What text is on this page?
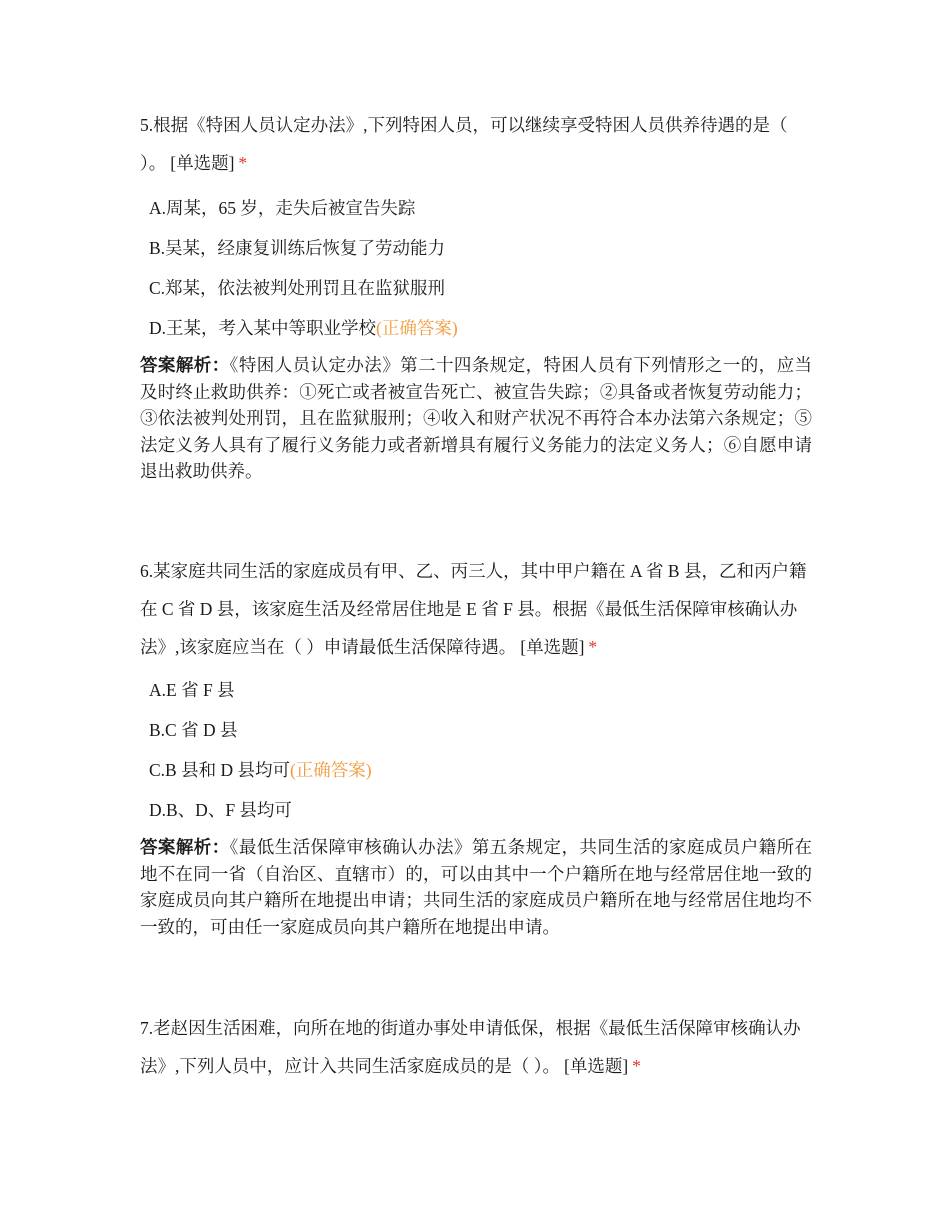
5.根据《特困人员认定办法》,下列特困人员，可以继续享受特困人员供养待遇的是（ ）。 [单选题] *

A.周某，65 岁，走失后被宣告失踪
B.吴某，经康复训练后恢复了劳动能力
C.郑某，依法被判处刑罚且在监狱服刑
D.王某，考入某中等职业学校(正确答案)

答案解析：《特困人员认定办法》第二十四条规定，特困人员有下列情形之一的，应当及时终止救助供养：①死亡或者被宣告死亡、被宣告失踪；②具备或者恢复劳动能力；③依法被判处刑罚，且在监狱服刑；④收入和财产状况不再符合本办法第六条规定；⑤法定义务人具有了履行义务能力或者新增具有履行义务能力的法定义务人；⑥自愿申请退出救助供养。

6.某家庭共同生活的家庭成员有甲、乙、丙三人，其中甲户籍在 A 省 B 县，乙和丙户籍在 C 省 D 县，该家庭生活及经常居住地是 E 省 F 县。根据《最低生活保障审核确认办法》,该家庭应当在（ ）申请最低生活保障待遇。 [单选题] *

A.E 省 F 县
B.C 省 D 县
C.B 县和 D 县均可(正确答案)
D.B、D、F 县均可

答案解析：《最低生活保障审核确认办法》第五条规定，共同生活的家庭成员户籍所在地不在同一省（自治区、直辖市）的，可以由其中一个户籍所在地与经常居住地一致的家庭成员向其户籍所在地提出申请；共同生活的家庭成员户籍所在地与经常居住地均不一致的，可由任一家庭成员向其户籍所在地提出申请。

7.老赵因生活困难，向所在地的街道办事处申请低保，根据《最低生活保障审核确认办法》,下列人员中，应计入共同生活家庭成员的是（ ）。 [单选题] *
